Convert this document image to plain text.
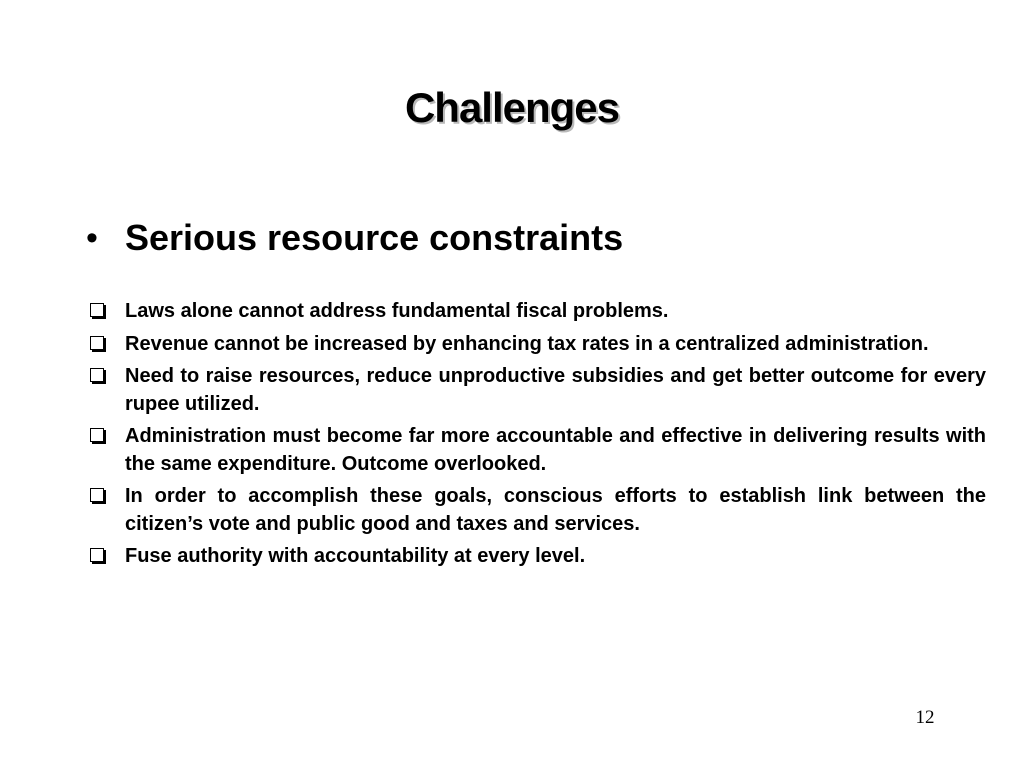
Challenges
• Serious resource constraints
Laws alone cannot address fundamental fiscal problems.
Revenue cannot be increased by enhancing tax rates in a centralized administration.
Need to raise resources, reduce unproductive subsidies and get better outcome for every rupee utilized.
Administration must become far more accountable and effective in delivering results with the same expenditure. Outcome overlooked.
In order to accomplish these goals, conscious efforts to establish link between the citizen’s vote and public good and taxes and services.
Fuse authority with accountability at every level.
12
